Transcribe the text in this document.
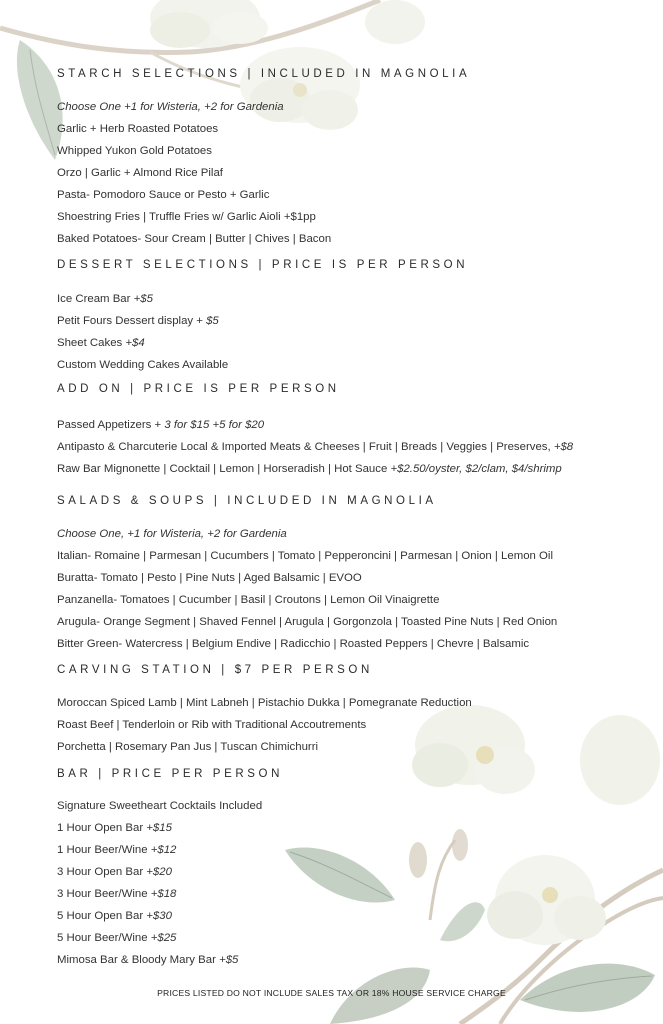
STARCH SELECTIONS | INCLUDED IN MAGNOLIA
Choose One +1 for Wisteria, +2 for Gardenia
Garlic + Herb Roasted Potatoes
Whipped Yukon Gold Potatoes
Orzo | Garlic + Almond Rice Pilaf
Pasta- Pomodoro Sauce or Pesto + Garlic
Shoestring Fries | Truffle Fries w/ Garlic Aioli +$1pp
Baked Potatoes- Sour Cream | Butter | Chives | Bacon
DESSERT SELECTIONS | PRICE IS PER PERSON
Ice Cream Bar +$5
Petit Fours Dessert display + $5
Sheet Cakes +$4
Custom Wedding Cakes Available
ADD ON | PRICE IS PER PERSON
Passed Appetizers + 3 for $15 +5 for $20
Antipasto & Charcuterie Local & Imported Meats & Cheeses | Fruit | Breads | Veggies | Preserves, +$8
Raw Bar Mignonette | Cocktail | Lemon | Horseradish | Hot Sauce +$2.50/oyster, $2/clam, $4/shrimp
SALADS & SOUPS | INCLUDED IN MAGNOLIA
Choose One, +1 for Wisteria, +2 for Gardenia
Italian- Romaine | Parmesan | Cucumbers | Tomato | Pepperoncini | Parmesan | Onion | Lemon Oil
Buratta- Tomato | Pesto | Pine Nuts | Aged Balsamic | EVOO
Panzanella- Tomatoes | Cucumber | Basil | Croutons | Lemon Oil Vinaigrette
Arugula- Orange Segment | Shaved Fennel | Arugula | Gorgonzola | Toasted Pine Nuts | Red Onion
Bitter Green- Watercress | Belgium Endive | Radicchio | Roasted Peppers | Chevre | Balsamic
CARVING STATION | $7 PER PERSON
Moroccan Spiced Lamb | Mint Labneh | Pistachio Dukka | Pomegranate Reduction
Roast Beef | Tenderloin or Rib with Traditional Accoutrements
Porchetta | Rosemary Pan Jus | Tuscan Chimichurri
BAR | PRICE PER PERSON
Signature Sweetheart Cocktails Included
1 Hour Open Bar +$15
1 Hour Beer/Wine +$12
3 Hour Open Bar +$20
3 Hour Beer/Wine +$18
5 Hour Open Bar +$30
5 Hour Beer/Wine +$25
Mimosa Bar & Bloody Mary Bar +$5
PRICES LISTED DO NOT INCLUDE SALES TAX OR 18% HOUSE SERVICE CHARGE
